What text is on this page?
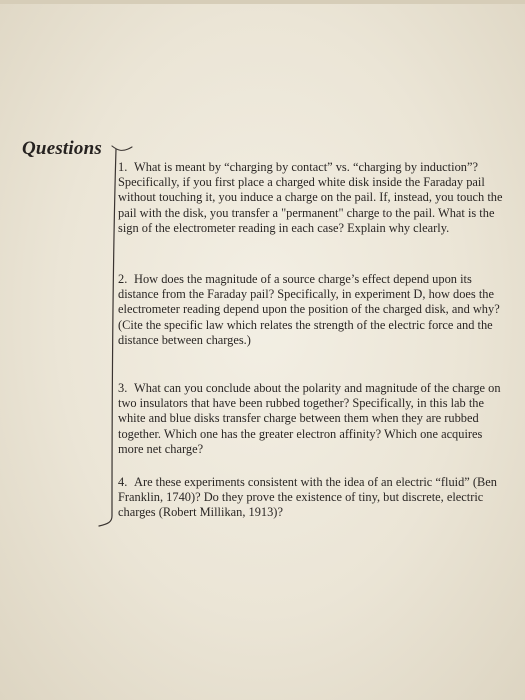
Questions
1. What is meant by “charging by contact” vs. “charging by induction”? Specifically, if you first place a charged white disk inside the Faraday pail without touching it, you induce a charge on the pail. If, instead, you touch the pail with the disk, you transfer a "permanent" charge to the pail. What is the sign of the electrometer reading in each case? Explain why clearly.
2. How does the magnitude of a source charge’s effect depend upon its distance from the Faraday pail? Specifically, in experiment D, how does the electrometer reading depend upon the position of the charged disk, and why? (Cite the specific law which relates the strength of the electric force and the distance between charges.)
3. What can you conclude about the polarity and magnitude of the charge on two insulators that have been rubbed together? Specifically, in this lab the white and blue disks transfer charge between them when they are rubbed together. Which one has the greater electron affinity? Which one acquires more net charge?
4. Are these experiments consistent with the idea of an electric “fluid” (Ben Franklin, 1740)? Do they prove the existence of tiny, but discrete, electric charges (Robert Millikan, 1913)?
